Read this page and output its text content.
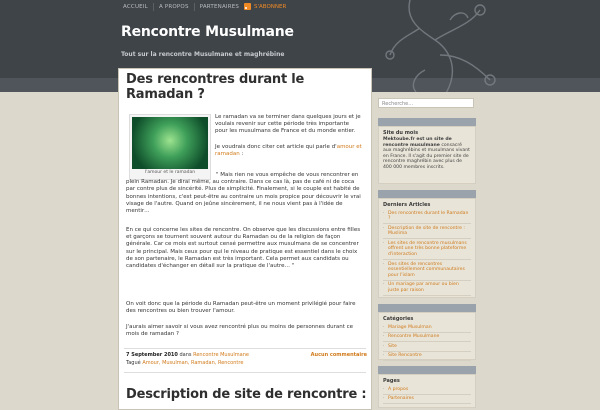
ACCUEIL	A PROPOS	PARTENAIRES	S'ABONNER
Rencontre Musulmane
Tout sur la rencontre Musulmane et maghrébine
Des rencontres durant le
Ramadan ?
l'amour et le ramadan
Le ramadan va se terminer dans quelques jours et je voulais revenir sur cette période très importante pour les musulmans de France et du monde entier.
Je voudrais donc citer cet article qui parle d'amour et ramadan :
" Mais rien ne vous empêche de vous rencontrer en plein Ramadan. Je dirai même, au contraire. Dans ce cas là, pas de café ni de coca par contre plus de sincérité. Plus de simplicité. Finalement, si le couple est habité de bonnes intentions, c'est peut-être au contraire un mois propice pour découvrir le vrai visage de l'autre. Quand on jeûne sincèrement, il ne nous vient pas à l'idée de mentir…
En ce qui concerne les sites de rencontre. On observe que les discussions entre filles et garçons se tournent souvent autour du Ramadan ou de la religion de façon générale. Car ce mois est surtout censé permettre aux musulmans de se concentrer sur le principal. Mais ceux pour qui le niveau de pratique est essentiel dans le choix de son partenaire, le Ramadan est très important. Cela permet aux candidats ou candidates d'échanger en détail sur la pratique de l'autre… "
On voit donc que la période du Ramadan peut-être un moment privilégié pour faire des rencontres ou bien trouver l'amour.
J'aurais aimer savoir si vous avez rencontré plus ou moins de personnes durant ce mois de ramadan ?
7 September 2010 dans Rencontre Musulmane	Aucun commentaire
Tagué Amour, Musulman, Ramadan, Rencontre
Description de site de rencontre :
Recherche...
Site du mois
Mektoube.fr est un site de rencontre musulmane consacré aux maghrébins et musulmans vivant en France. Il s'agit du premier site de rencontre maghrébin avec plus de 400 000 membres inscrits.
Derniers Articles
· Des rencontres durant le Ramadan ?
· Description de site de rencontre : Muslima
· Les sites de rencontre musulmans offrent une très bonne plateforme d'interaction
· Des sites de rencontres essentiellement communautaires pour l'islam
· Un mariage par amour ou bien juste par raison
Catégories
· Mariage Musulman
· Rencontre Musulmane
· Site
· Site Rencontre
Pages
· A propos
· Partenaires
